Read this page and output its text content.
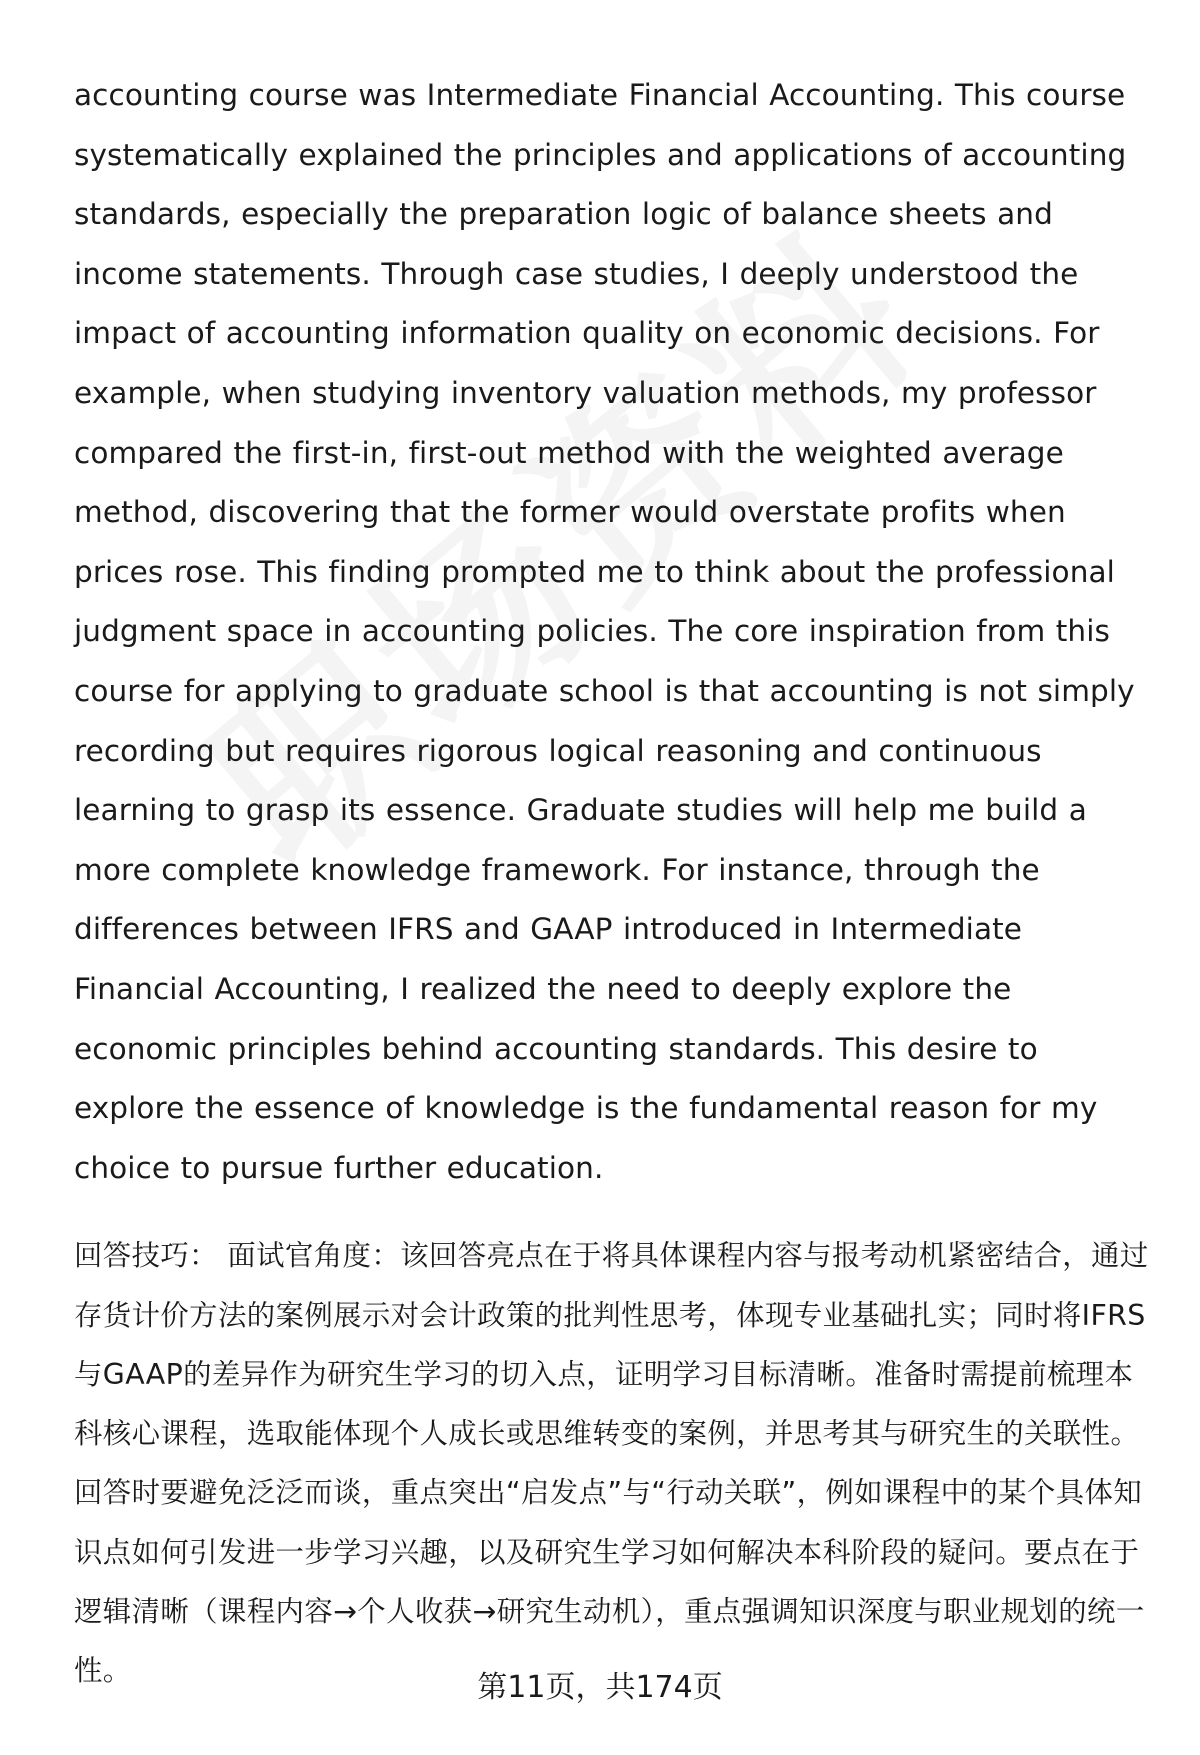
accounting course was Intermediate Financial Accounting. This course systematically explained the principles and applications of accounting standards, especially the preparation logic of balance sheets and income statements. Through case studies, I deeply understood the impact of accounting information quality on economic decisions. For example, when studying inventory valuation methods, my professor compared the first-in, first-out method with the weighted average method, discovering that the former would overstate profits when prices rose. This finding prompted me to think about the professional judgment space in accounting policies. The core inspiration from this course for applying to graduate school is that accounting is not simply recording but requires rigorous logical reasoning and continuous learning to grasp its essence. Graduate studies will help me build a more complete knowledge framework. For instance, through the differences between IFRS and GAAP introduced in Intermediate Financial Accounting, I realized the need to deeply explore the economic principles behind accounting standards. This desire to explore the essence of knowledge is the fundamental reason for my choice to pursue further education.

回答技巧： 面试官角度：该回答亮点在于将具体课程内容与报考动机紧密结合，通过存货计价方法的案例展示对会计政策的批判性思考，体现专业基础扎实；同时将IFRS与GAAP的差异作为研究生学习的切入点，证明学习目标清晰。准备时需提前梳理本科核心课程，选取能体现个人成长或思维转变的案例，并思考其与研究生的关联性。回答时要避免泛泛而谈，重点突出“启发点”与“行动关联”，例如课程中的某个具体知识点如何引发进一步学习兴趣，以及研究生学习如何解决本科阶段的疑问。要点在于逻辑清晰（课程内容→个人收获→研究生动机），重点强调知识深度与职业规划的统一性。	第11页，共174页
